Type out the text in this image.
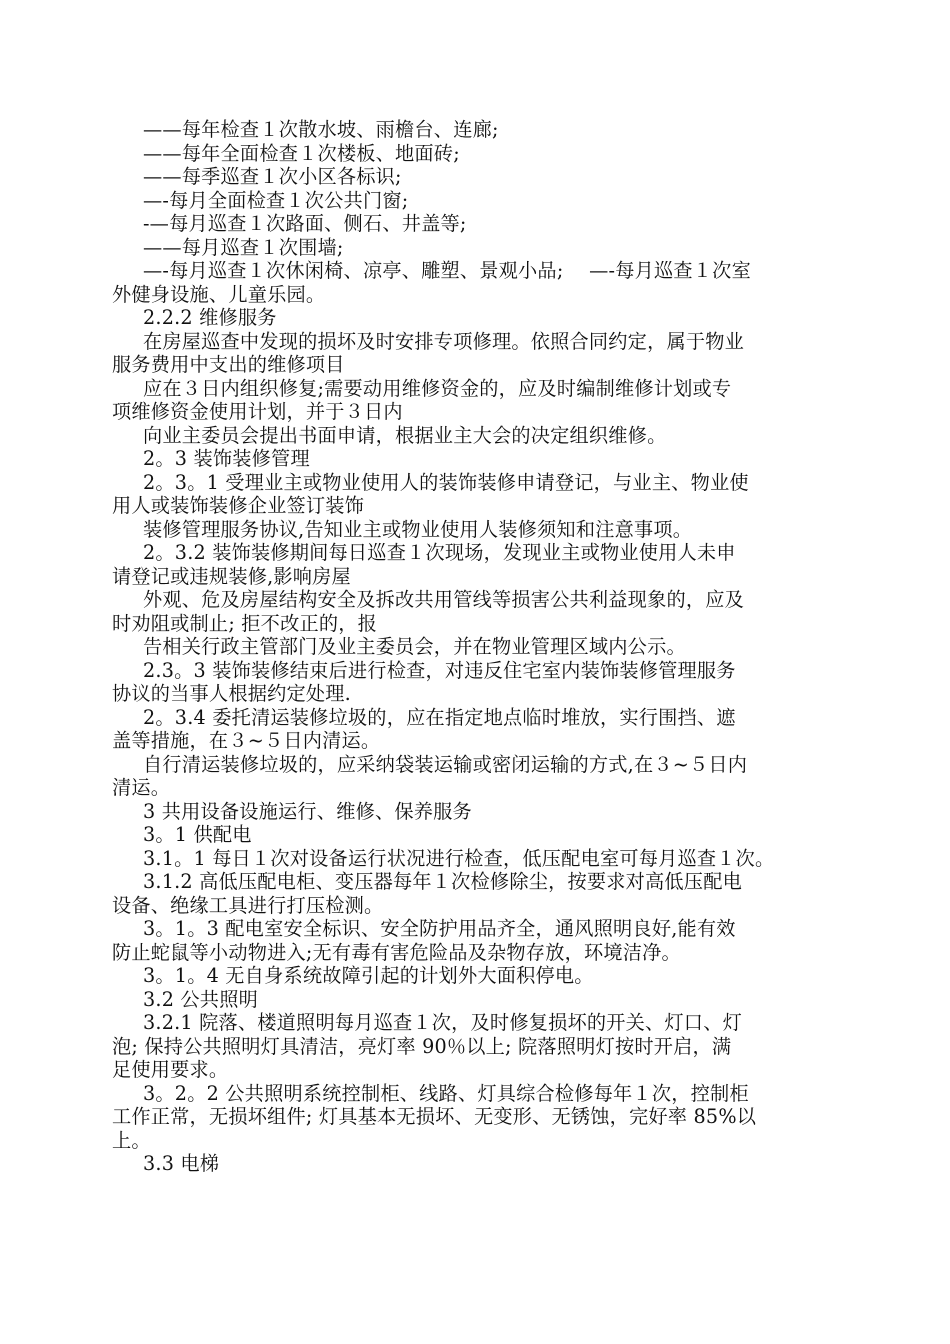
——每年检查１次散水坡、雨檐台、连廊;
——每年全面检查１次楼板、地面砖;
——每季巡查１次小区各标识;
—-每月全面检查１次公共门窗;
-—每月巡查１次路面、侧石、井盖等;
——每月巡查１次围墙;
—-每月巡查１次休闲椅、凉亭、雕塑、景观小品;　 —-每月巡查１次室
外健身设施、儿童乐园。
2.2.2 维修服务
在房屋巡查中发现的损坏及时安排专项修理。依照合同约定，属于物业
服务费用中支出的维修项目
应在３日内组织修复;需要动用维修资金的，应及时编制维修计划或专
项维修资金使用计划，并于３日内
向业主委员会提出书面申请，根据业主大会的决定组织维修。
2。3 装饰装修管理
2。3。1 受理业主或物业使用人的装饰装修申请登记，与业主、物业使
用人或装饰装修企业签订装饰
装修管理服务协议,告知业主或物业使用人装修须知和注意事项。
2。3.2 装饰装修期间每日巡查１次现场，发现业主或物业使用人未申
请登记或违规装修,影响房屋
外观、危及房屋结构安全及拆改共用管线等损害公共利益现象的，应及
时劝阻或制止; 拒不改正的，报
告相关行政主管部门及业主委员会，并在物业管理区域内公示。
2.3。3 装饰装修结束后进行检查，对违反住宅室内装饰装修管理服务
协议的当事人根据约定处理.
2。3.4 委托清运装修垃圾的，应在指定地点临时堆放，实行围挡、遮
盖等措施，在３~５日内清运。
自行清运装修垃圾的，应采纳袋装运输或密闭运输的方式,在３~５日内
清运。
3 共用设备设施运行、维修、保养服务
3。1 供配电
3.1。1 每日１次对设备运行状况进行检查，低压配电室可每月巡查１次。
3.1.2 高低压配电柜、变压器每年１次检修除尘，按要求对高低压配电
设备、绝缘工具进行打压检测。
3。1。3 配电室安全标识、安全防护用品齐全，通风照明良好,能有效
防止蛇鼠等小动物进入;无有毒有害危险品及杂物存放，环境洁净。
3。1。4 无自身系统故障引起的计划外大面积停电。
3.2 公共照明
3.2.1 院落、楼道照明每月巡查１次，及时修复损坏的开关、灯口、灯
泡; 保持公共照明灯具清洁，亮灯率 90％以上; 院落照明灯按时开启，满
足使用要求。
3。2。2 公共照明系统控制柜、线路、灯具综合检修每年１次，控制柜
工作正常，无损坏组件; 灯具基本无损坏、无变形、无锈蚀，完好率 85%以
上。
3.3 电梯
